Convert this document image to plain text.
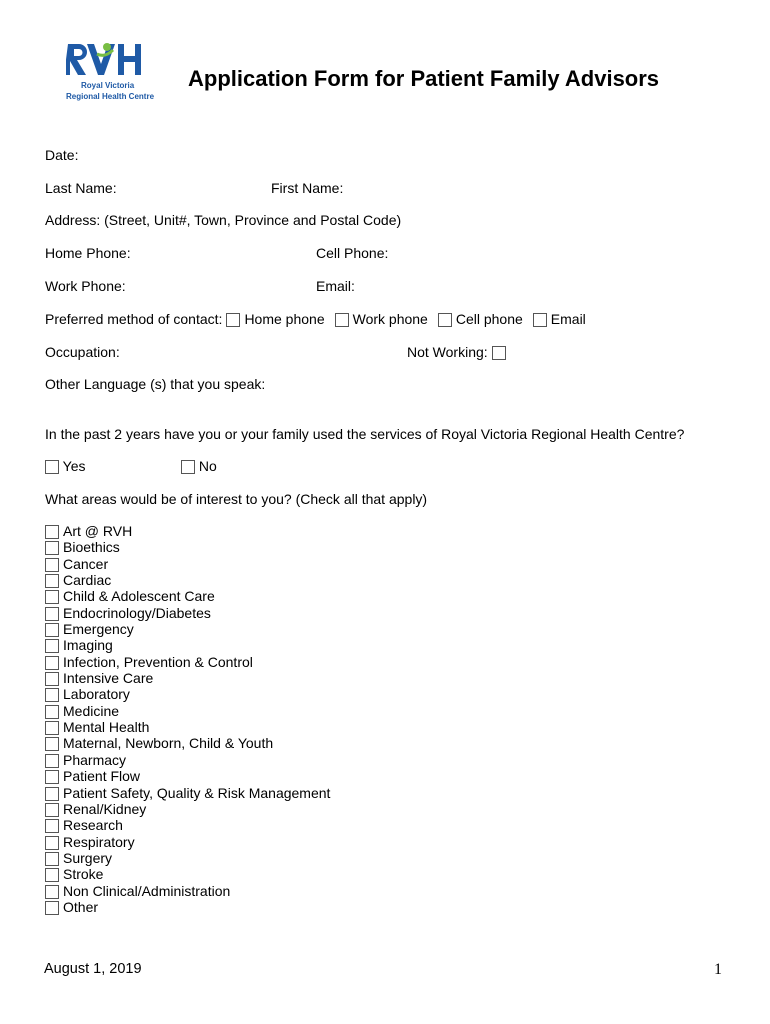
Royal Victoria
Regional Health Centre
Application Form for Patient Family Advisors
Date:
Last Name:	First Name:
Address: (Street, Unit#, Town, Province and Postal Code)
Home Phone:	Cell Phone:
Work Phone:	Email:
Preferred method of contact: Home phone Work phone Cell phone Email
Occupation:	Not Working:
Other Language (s) that you speak:
In the past 2 years have you or your family used the services of Royal Victoria Regional Health Centre?
Yes	No
What areas would be of interest to you? (Check all that apply)
Art @ RVH
Bioethics
Cancer
Cardiac
Child & Adolescent Care
Endocrinology/Diabetes
Emergency
Imaging
Infection, Prevention & Control
Intensive Care
Laboratory
Medicine
Mental Health
Maternal, Newborn, Child & Youth
Pharmacy
Patient Flow
Patient Safety, Quality & Risk Management
Renal/Kidney
Research
Respiratory
Surgery
Stroke
Non Clinical/Administration
Other
August 1, 2019	1
